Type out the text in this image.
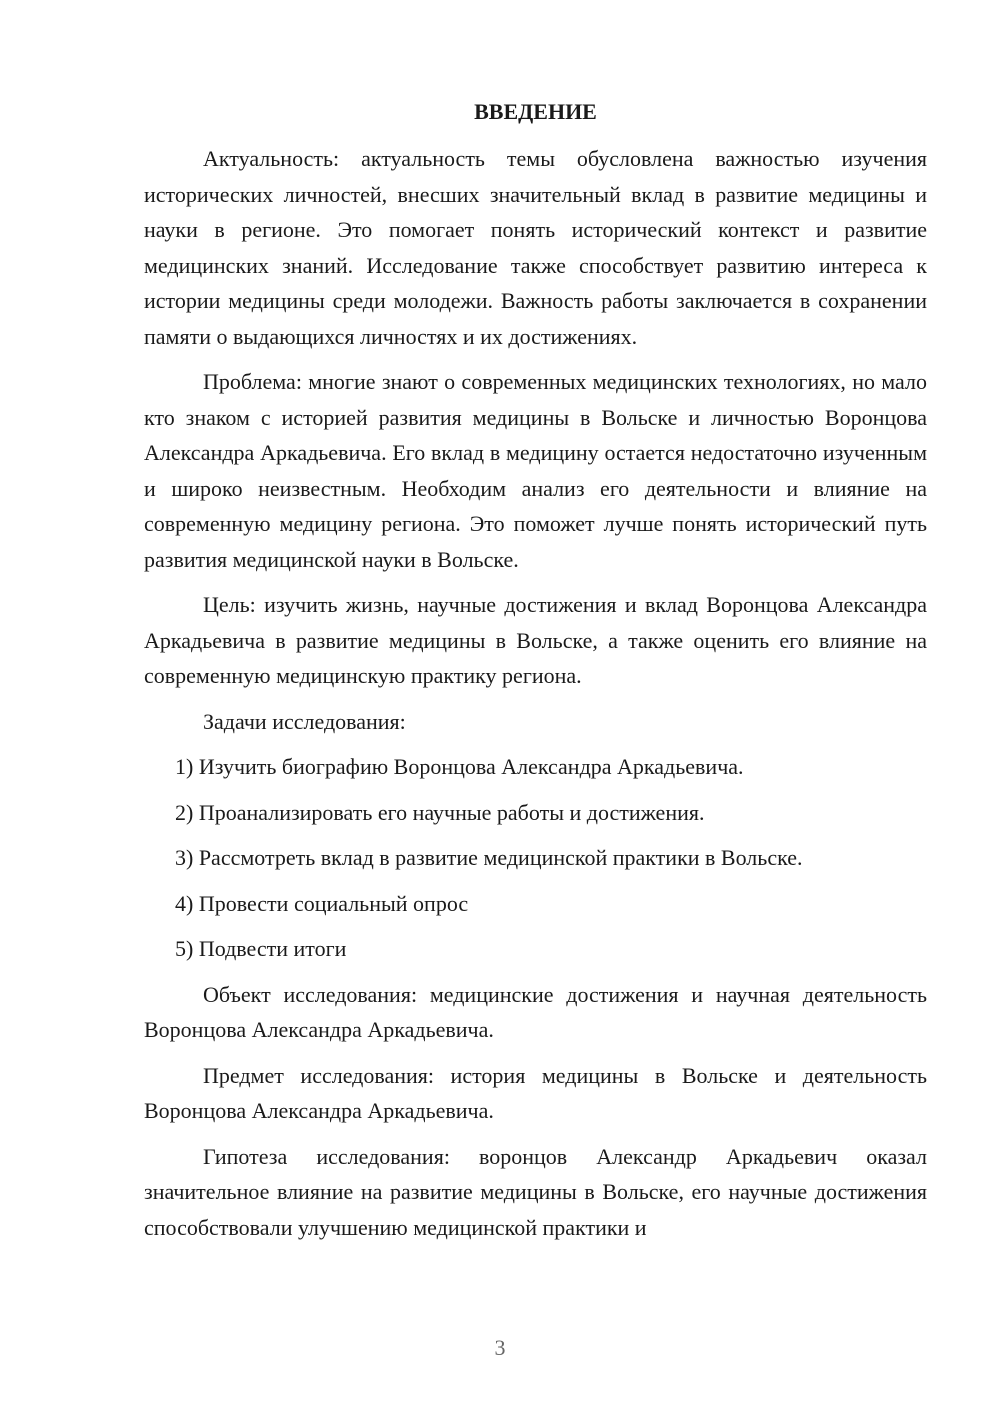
ВВЕДЕНИЕ

Актуальность: актуальность темы обусловлена важностью изучения исторических личностей, внесших значительный вклад в развитие медицины и науки в регионе. Это помогает понять исторический контекст и развитие медицинских знаний. Исследование также способствует развитию интереса к истории медицины среди молодежи. Важность работы заключается в сохранении памяти о выдающихся личностях и их достижениях.

Проблема: многие знают о современных медицинских технологиях, но мало кто знаком с историей развития медицины в Вольске и личностью Воронцова Александра Аркадьевича. Его вклад в медицину остается недостаточно изученным и широко неизвестным. Необходим анализ его деятельности и влияние на современную медицину региона. Это поможет лучше понять исторический путь развития медицинской науки в Вольске.

Цель: изучить жизнь, научные достижения и вклад Воронцова Александра Аркадьевича в развитие медицины в Вольске, а также оценить его влияние на современную медицинскую практику региона.

Задачи исследования:

1) Изучить биографию Воронцова Александра Аркадьевича.

2) Проанализировать его научные работы и достижения.

3) Рассмотреть вклад в развитие медицинской практики в Вольске.

4) Провести социальный опрос

5) Подвести итоги

Объект исследования: медицинские достижения и научная деятельность Воронцова Александра Аркадьевича.

Предмет исследования: история медицины в Вольске и деятельность Воронцова Александра Аркадьевича.

Гипотеза исследования: воронцов Александр Аркадьевич оказал значительное влияние на развитие медицины в Вольске, его научные достижения способствовали улучшению медицинской практики и

3
